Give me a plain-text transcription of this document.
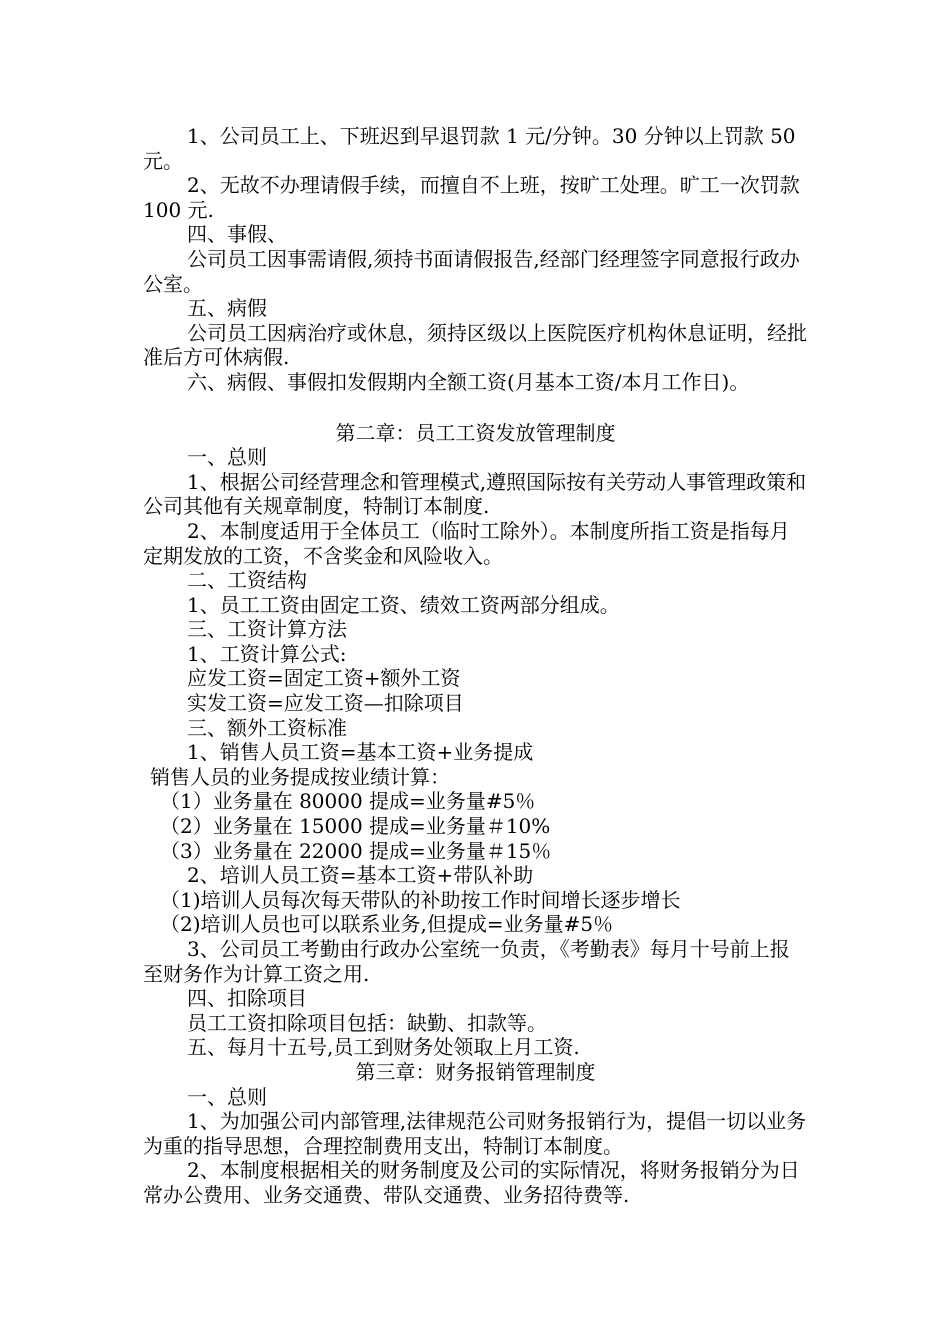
1、公司员工上、下班迟到早退罚款 1 元/分钟。30 分钟以上罚款 50 元。
2、无故不办理请假手续，而擅自不上班，按旷工处理。旷工一次罚款 100 元.
四、事假、
公司员工因事需请假,须持书面请假报告,经部门经理签字同意报行政办公室。
五、病假
公司员工因病治疗或休息，须持区级以上医院医疗机构休息证明，经批准后方可休病假.
六、病假、事假扣发假期内全额工资(月基本工资/本月工作日)。
第二章：员工工资发放管理制度
一、总则
1、根据公司经营理念和管理模式,遵照国际按有关劳动人事管理政策和公司其他有关规章制度，特制订本制度.
2、本制度适用于全体员工（临时工除外）。本制度所指工资是指每月定期发放的工资，不含奖金和风险收入。
二、工资结构
1、员工工资由固定工资、绩效工资两部分组成。
三、工资计算方法
1、工资计算公式:
应发工资=固定工资+额外工资
实发工资=应发工资—扣除项目
三、额外工资标准
1、销售人员工资=基本工资+业务提成
销售人员的业务提成按业绩计算：
（1）业务量在 80000 提成=业务量#5％
（2）业务量在 15000 提成=业务量＃10%
（3）业务量在 22000 提成=业务量＃15％
2、培训人员工资=基本工资+带队补助
（1)培训人员每次每天带队的补助按工作时间增长逐步增长
（2)培训人员也可以联系业务,但提成=业务量#5％
3、公司员工考勤由行政办公室统一负责，《考勤表》每月十号前上报至财务作为计算工资之用.
四、扣除项目
员工工资扣除项目包括：缺勤、扣款等。
五、每月十五号,员工到财务处领取上月工资.
第三章：财务报销管理制度
一、总则
1、为加强公司内部管理,法律规范公司财务报销行为，提倡一切以业务为重的指导思想，合理控制费用支出，特制订本制度。
2、本制度根据相关的财务制度及公司的实际情况，将财务报销分为日常办公费用、业务交通费、带队交通费、业务招待费等.
